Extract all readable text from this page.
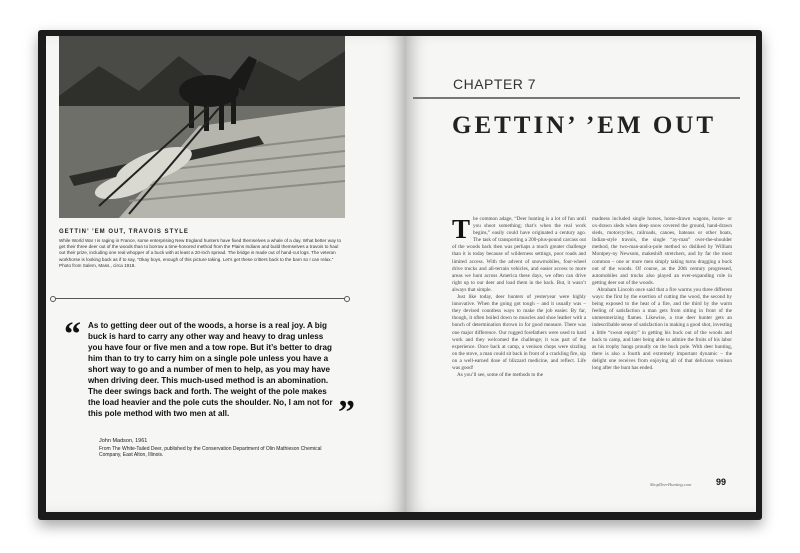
GETTIN’ ’EM OUT, TRAVOIS STYLE

While World War I is raging in France, some enterprising New England hunters have fixed themselves a whale of a day. What better way to get their three deer out of the woods than to borrow a time-honored method from the Plains Indians and build themselves a travois to haul out their prize, including one real whopper of a buck with at least a 20-inch spread. The bridge is made out of hand-cut logs. The veteran workhorse is looking back as if to say, “Okay boys, enough of this picture taking. Let’s get these critters back to the barn so I can relax.” Photo from Salem, Mass., circa 1918.

“ As to getting deer out of the woods, a horse is a real joy. A big buck is hard to carry any other way and heavy to drag unless you have four or five men and a tow rope. But it’s better to drag him than to try to carry him on a single pole unless you have a short way to go and a number of men to help, as you may have when driving deer. This much-used method is an abomination. The deer swings back and forth. The weight of the pole makes the load heavier and the pole cuts the shoulder. No, I am not for this pole method with two men at all.	”
John Madson, 1961

From The White-Tailed Deer, published by the Conservation Department of Olin Mathieson Chemical Company, East Alton, Illinois.

CHAPTER 7
GETTIN’ ’EM OUT

The common adage, “Deer hunting is a lot of fun until you shoot something; that’s when the real work begins,” easily could have originated a century ago. The task of transporting a 200-plus-pound carcass out of the woods back then was perhaps a much greater challenge than it is today because of wilderness settings, poor roads and limited access. With the advent of snowmobiles, four-wheel drive trucks and all-terrain vehicles, and easier access to more areas we hunt across America these days, we often can drive right up to our deer and load them in the back. But, it wasn’t always that simple.

Just like today, deer hunters of yesteryear were highly innovative. When the going got tough – and it usually was – they devised countless ways to make the job easier. By far, though, it often boiled down to muscles and shoe leather with a bunch of determination thrown in for good measure. There was one major difference. Our rugged forefathers were used to hard work and they welcomed the challenge; it was part of the experience. Once back at camp, a venison chops were sizzling on the stove, a man could sit back in front of a crackling fire, sip on a well-earned dose of blizzard medicine, and reflect. Life was good!

As you’ll see, some of the methods to the

madness included single horses, horse-drawn wagons, horse- or ox-drawn sleds when deep snow covered the ground, hand-drawn sleds, motorcycles, railroads, canoes, bateaus or other boats, Indian-style travois, the single “ay-man” over-the-shoulder method, the two-man-and-a-pole method so disliked by William Montpey-ny Newsom, makeshift stretchers, and by far the most common – one or more men simply taking turns dragging a buck out of the woods. Of course, as the 20th century progressed, automobiles and trucks also played an ever-expanding role in getting deer out of the woods.

Abraham Lincoln once said that a fire warms you three different ways: the first by the exertion of cutting the wood, the second by being exposed to the heat of a fire, and the third by the warm feeling of satisfaction a man gets from sitting in front of the unmesmerizing flames. Likewise, a true deer hunter gets an indescribable sense of satisfaction in making a good shot, investing a little “sweat equity” in getting his buck out of the woods and back to camp, and later being able to admire the fruits of his labor as his trophy hangs proudly on the buck pole. With deer hunting, there is also a fourth and extremely important dynamic – the delight one receives from enjoying all of that delicious venison long after the hunt has ended.

ShopDeerHunting.com	99
